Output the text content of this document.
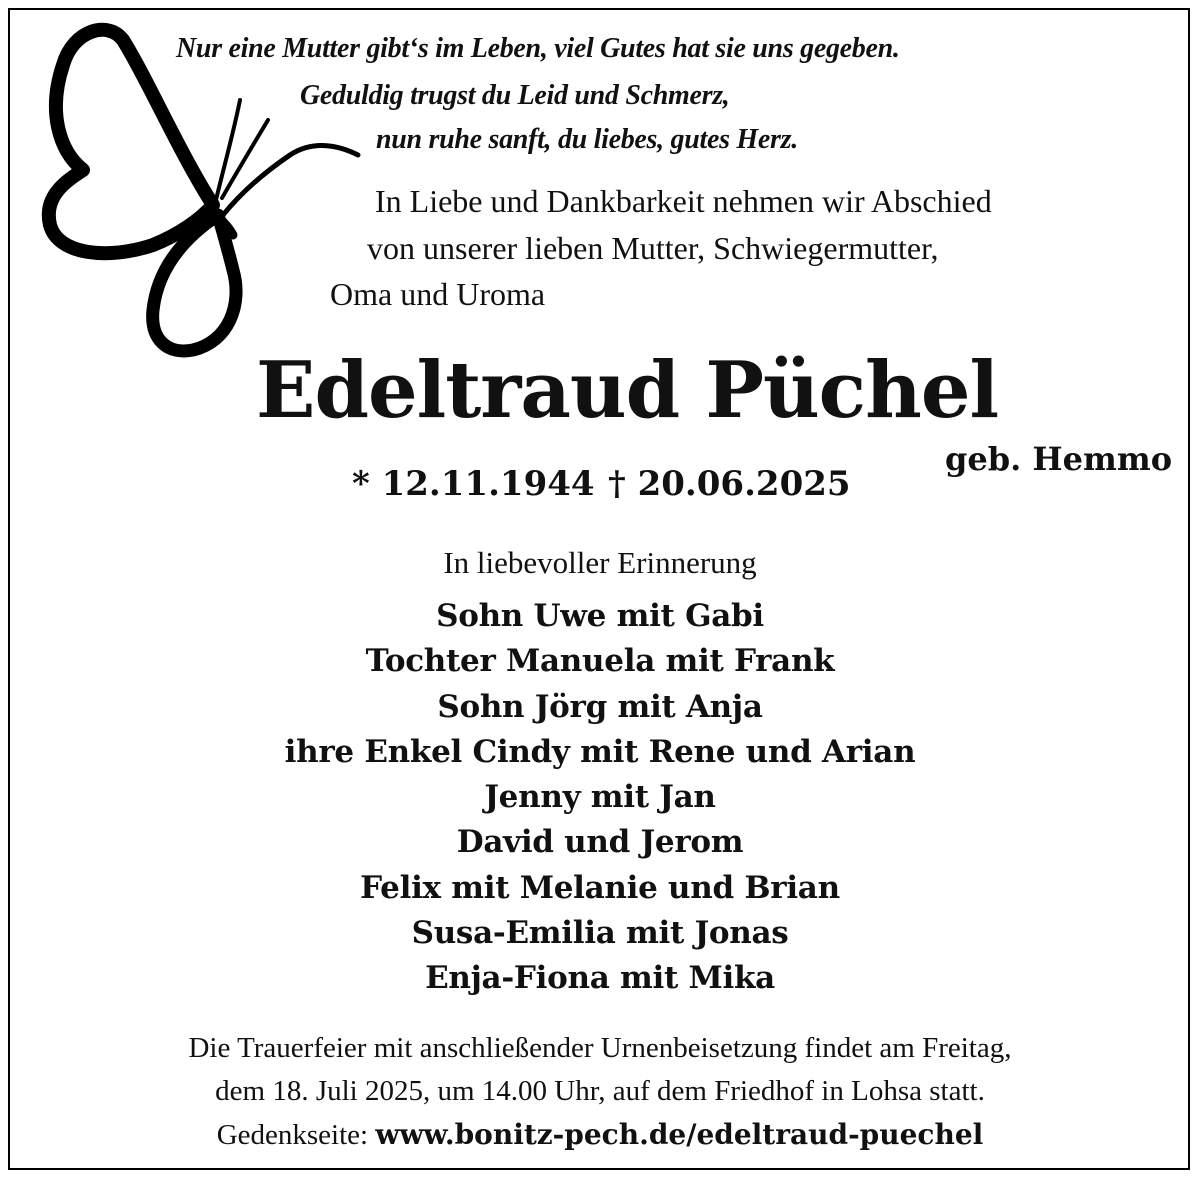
Nur eine Mutter gibt‘s im Leben, viel Gutes hat sie uns gegeben.
Geduldig trugst du Leid und Schmerz,
nun ruhe sanft, du liebes, gutes Herz.
In Liebe und Dankbarkeit nehmen wir Abschied
von unserer lieben Mutter, Schwiegermutter,
Oma und Uroma
Edeltraud Püchel
geb. Hemmo
* 12.11.1944 † 20.06.2025
In liebevoller Erinnerung
Sohn Uwe mit Gabi
Tochter Manuela mit Frank
Sohn Jörg mit Anja
ihre Enkel Cindy mit Rene und Arian
Jenny mit Jan
David und Jerom
Felix mit Melanie und Brian
Susa-Emilia mit Jonas
Enja-Fiona mit Mika
Die Trauerfeier mit anschließender Urnenbeisetzung findet am Freitag,
dem 18. Juli 2025, um 14.00 Uhr, auf dem Friedhof in Lohsa statt.
Gedenkseite: www.bonitz-pech.de/edeltraud-puechel
